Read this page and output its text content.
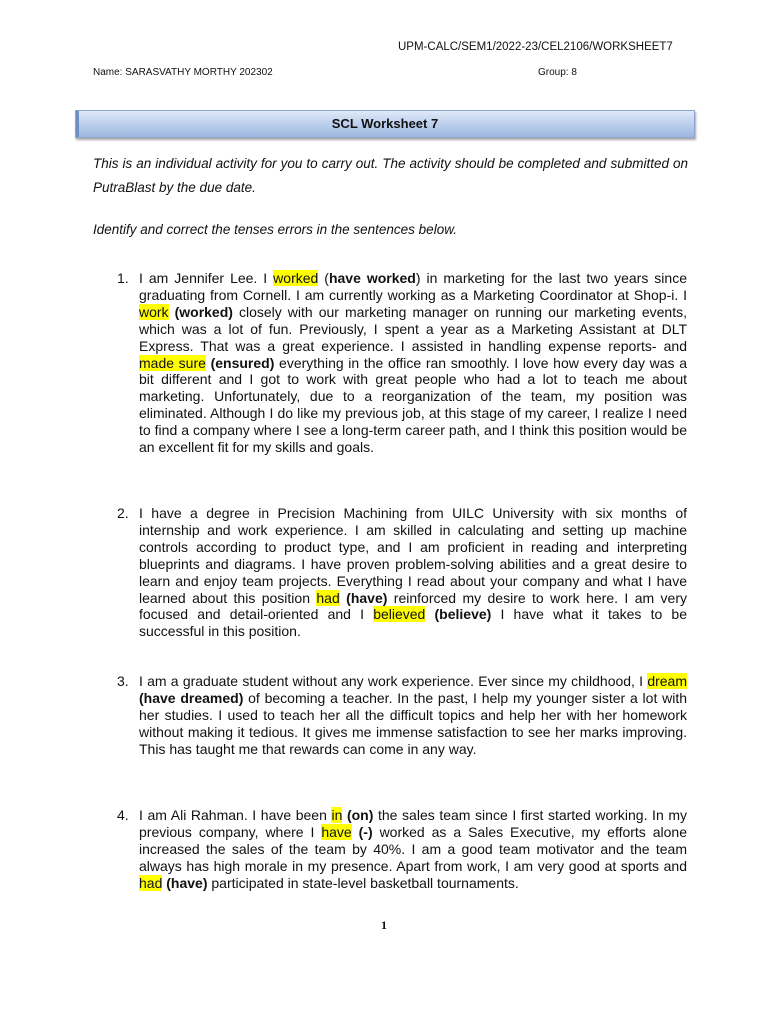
UPM-CALC/SEM1/2022-23/CEL2106/WORKSHEET7
Name: SARASVATHY MORTHY 202302	Group: 8
SCL Worksheet 7
This is an individual activity for you to carry out. The activity should be completed and submitted on PutraBlast by the due date.
Identify and correct the tenses errors in the sentences below.
1. I am Jennifer Lee. I worked (have worked) in marketing for the last two years since graduating from Cornell. I am currently working as a Marketing Coordinator at Shop-i. I work (worked) closely with our marketing manager on running our marketing events, which was a lot of fun. Previously, I spent a year as a Marketing Assistant at DLT Express. That was a great experience. I assisted in handling expense reports- and made sure (ensured) everything in the office ran smoothly. I love how every day was a bit different and I got to work with great people who had a lot to teach me about marketing. Unfortunately, due to a reorganization of the team, my position was eliminated. Although I do like my previous job, at this stage of my career, I realize I need to find a company where I see a long-term career path, and I think this position would be an excellent fit for my skills and goals.
2. I have a degree in Precision Machining from UILC University with six months of internship and work experience. I am skilled in calculating and setting up machine controls according to product type, and I am proficient in reading and interpreting blueprints and diagrams. I have proven problem-solving abilities and a great desire to learn and enjoy team projects. Everything I read about your company and what I have learned about this position had (have) reinforced my desire to work here. I am very focused and detail-oriented and I believed (believe) I have what it takes to be successful in this position.
3. I am a graduate student without any work experience. Ever since my childhood, I dream (have dreamed) of becoming a teacher. In the past, I help my younger sister a lot with her studies. I used to teach her all the difficult topics and help her with her homework without making it tedious. It gives me immense satisfaction to see her marks improving. This has taught me that rewards can come in any way.
4. I am Ali Rahman. I have been in (on) the sales team since I first started working. In my previous company, where I have (-) worked as a Sales Executive, my efforts alone increased the sales of the team by 40%. I am a good team motivator and the team always has high morale in my presence. Apart from work, I am very good at sports and had (have) participated in state-level basketball tournaments.
1
